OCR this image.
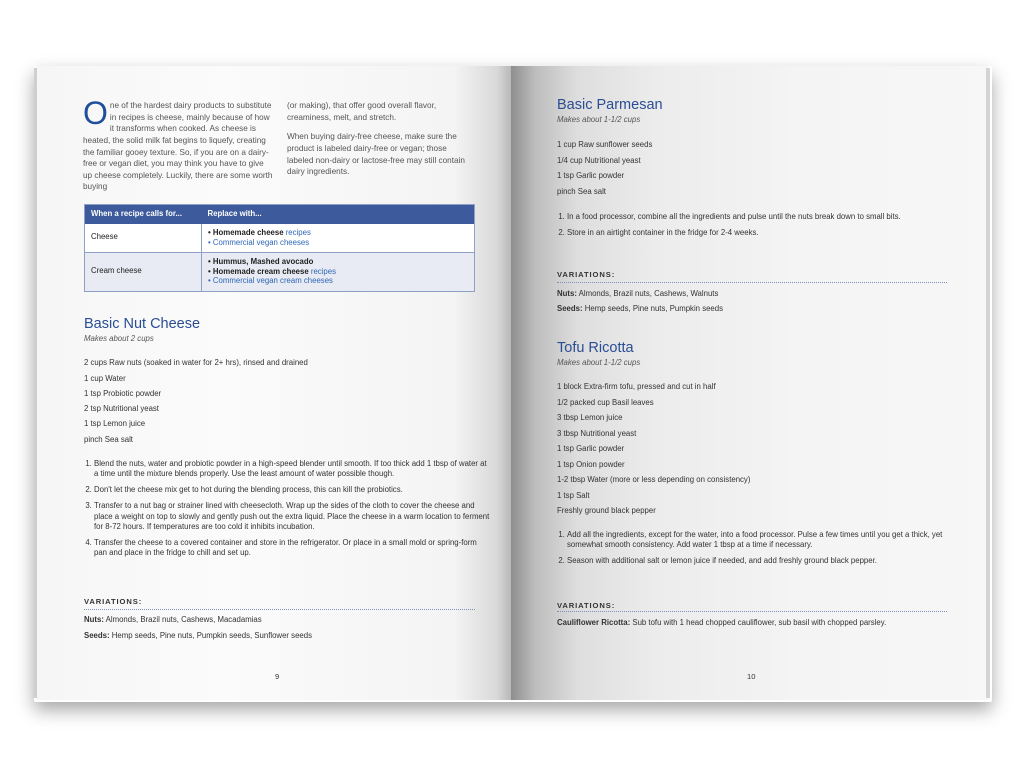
One of the hardest dairy products to substitute in recipes is cheese, mainly because of how it transforms when cooked. As cheese is heated, the solid milk fat begins to liquefy, creating the familiar gooey texture. So, if you are on a dairy-free or vegan diet, you may think you have to give up cheese completely. Luckily, there are some worth buying

(or making), that offer good overall flavor, creaminess, melt, and stretch.

When buying dairy-free cheese, make sure the product is labeled dairy-free or vegan; those labeled non-dairy or lactose-free may still contain dairy ingredients.

When a recipe calls for...	Replace with...
Cheese	• Homemade cheese recipes
• Commercial vegan cheeses

Cream cheese	• Hummus, Mashed avocado
• Homemade cream cheese recipes
• Commercial vegan cream cheeses
Basic Nut Cheese
Makes about 2 cups
2 cups Raw nuts (soaked in water for 2+ hrs), rinsed and drained
1 cup Water
1 tsp Probiotic powder
2 tsp Nutritional yeast
1 tsp Lemon juice
pinch Sea salt
1. Blend the nuts, water and probiotic powder in a high-speed blender until smooth. If too thick add 1 tbsp of water at a time until the mixture blends properly. Use the least amount of water possible though.
2. Don't let the cheese mix get to hot during the blending process, this can kill the probiotics.
3. Transfer to a nut bag or strainer lined with cheesecloth. Wrap up the sides of the cloth to cover the cheese and place a weight on top to slowly and gently push out the extra liquid. Place the cheese in a warm location to ferment for 8-72 hours. If temperatures are too cold it inhibits incubation.
4. Transfer the cheese to a covered container and store in the refrigerator. Or place in a small mold or spring-form pan and place in the fridge to chill and set up.
VARIATIONS:
Nuts: Almonds, Brazil nuts, Cashews, Macadamias
Seeds: Hemp seeds, Pine nuts, Pumpkin seeds, Sunflower seeds
9
Basic Parmesan
Makes about 1-1/2 cups
1 cup Raw sunflower seeds
1/4 cup Nutritional yeast
1 tsp Garlic powder
pinch Sea salt
1. In a food processor, combine all the ingredients and pulse until the nuts break down to small bits.
2. Store in an airtight container in the fridge for 2-4 weeks.
VARIATIONS:
Nuts: Almonds, Brazil nuts, Cashews, Walnuts
Seeds: Hemp seeds, Pine nuts, Pumpkin seeds
Tofu Ricotta
Makes about 1-1/2 cups
1 block Extra-firm tofu, pressed and cut in half
1/2 packed cup Basil leaves
3 tbsp Lemon juice
3 tbsp Nutritional yeast
1 tsp Garlic powder
1 tsp Onion powder
1-2 tbsp Water (more or less depending on consistency)
1 tsp Salt
Freshly ground black pepper
1. Add all the ingredients, except for the water, into a food processor. Pulse a few times until you get a thick, yet somewhat smooth consistency. Add water 1 tbsp at a time if necessary.
2. Season with additional salt or lemon juice if needed, and add freshly ground black pepper.
VARIATIONS:
Cauliflower Ricotta: Sub tofu with 1 head chopped cauliflower, sub basil with chopped parsley.
10
